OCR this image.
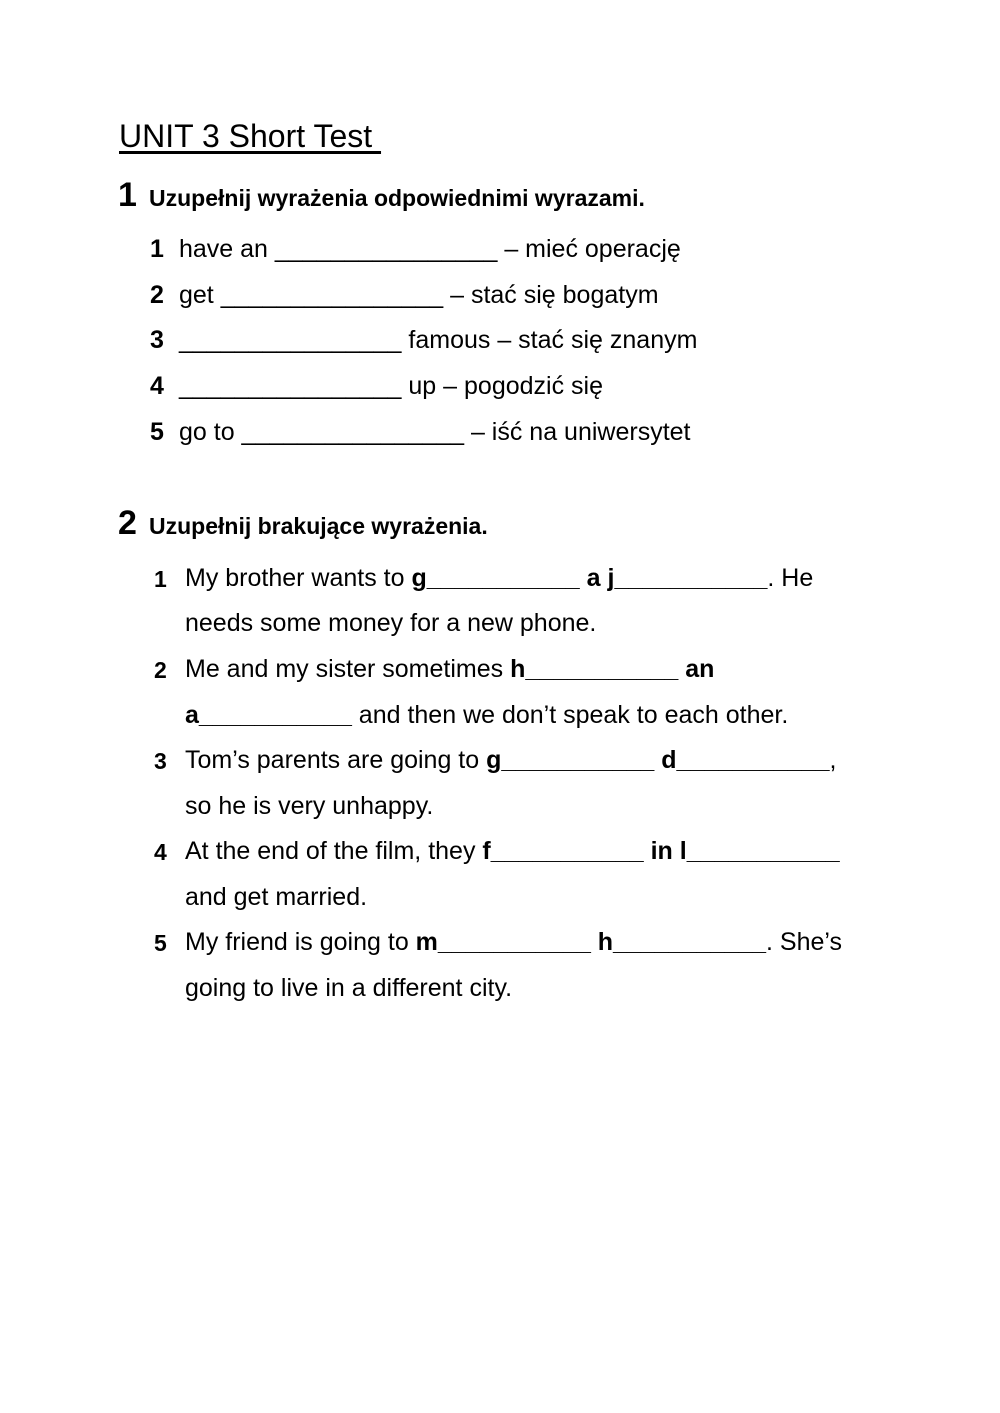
UNIT 3 Short Test
1 Uzupełnij wyrażenia odpowiednimi wyrazami.
1 have an ________________ – mieć operację
2 get ________________ – stać się bogatym
3 ________________ famous – stać się znanym
4 ________________ up – pogodzić się
5 go to ________________ – iść na uniwersytet
2 Uzupełnij brakujące wyrażenia.
1 My brother wants to g___________ a j___________. He
needs some money for a new phone.
2 Me and my sister sometimes h___________ an
a___________ and then we don’t speak to each other.
3 Tom’s parents are going to g___________ d___________,
so he is very unhappy.
4 At the end of the film, they f___________ in l___________
and get married.
5 My friend is going to m___________ h___________. She’s
going to live in a different city.
